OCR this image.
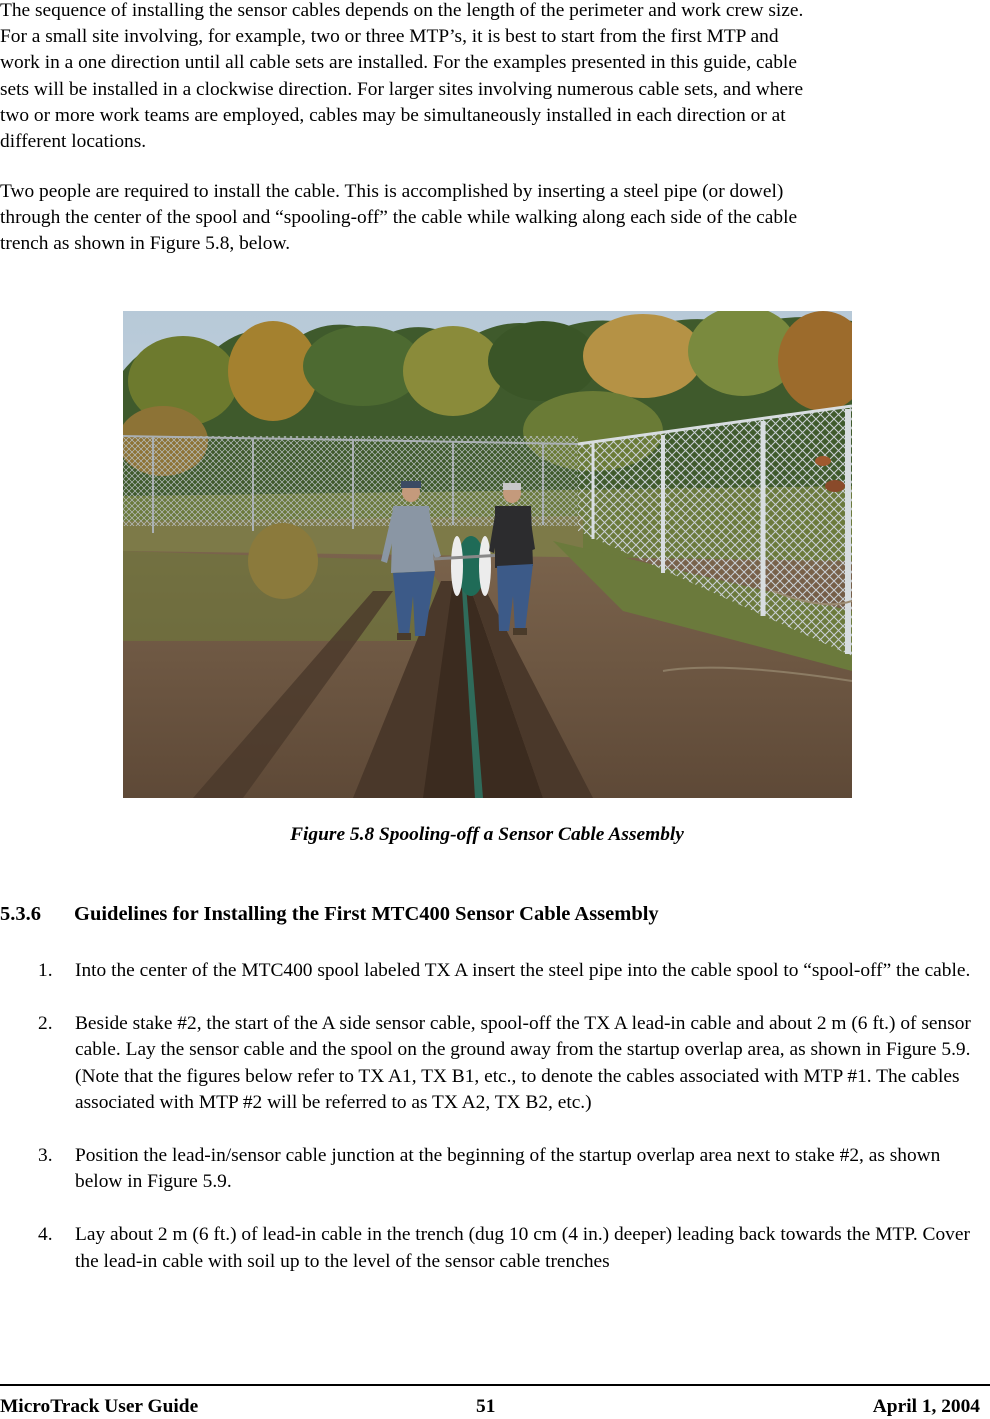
The sequence of installing the sensor cables depends on the length of the perimeter and work crew size.
For a small site involving, for example, two or three MTP’s, it is best to start from the first MTP and
work in a one direction until all cable sets are installed. For the examples presented in this guide, cable
sets will be installed in a clockwise direction. For larger sites involving numerous cable sets, and where
two or more work teams are employed, cables may be simultaneously installed in each direction or at
different locations.

Two people are required to install the cable. This is accomplished by inserting a steel pipe (or dowel)
through the center of the spool and “spooling-off” the cable while walking along each side of the cable
trench as shown in Figure 5.8, below.

Figure 5.8 Spooling-off a Sensor Cable Assembly
5.3.6 Guidelines for Installing the First MTC400 Sensor Cable Assembly
1. Into the center of the MTC400 spool labeled TX A insert the steel pipe into the cable spool to “spool-off” the cable.
2. Beside stake #2, the start of the A side sensor cable, spool-off the TX A lead-in cable and about 2 m (6 ft.) of sensor cable. Lay the sensor cable and the spool on the ground away from the startup overlap area, as shown in Figure 5.9. (Note that the figures below refer to TX A1, TX B1, etc., to denote the cables associated with MTP #1. The cables associated with MTP #2 will be referred to as TX A2, TX B2, etc.)
3. Position the lead-in/sensor cable junction at the beginning of the startup overlap area next to stake #2, as shown below in Figure 5.9.
4. Lay about 2 m (6 ft.) of lead-in cable in the trench (dug 10 cm (4 in.) deeper) leading back towards the MTP. Cover the lead-in cable with soil up to the level of the sensor cable trenches
MicroTrack User Guide	51	April 1, 2004
